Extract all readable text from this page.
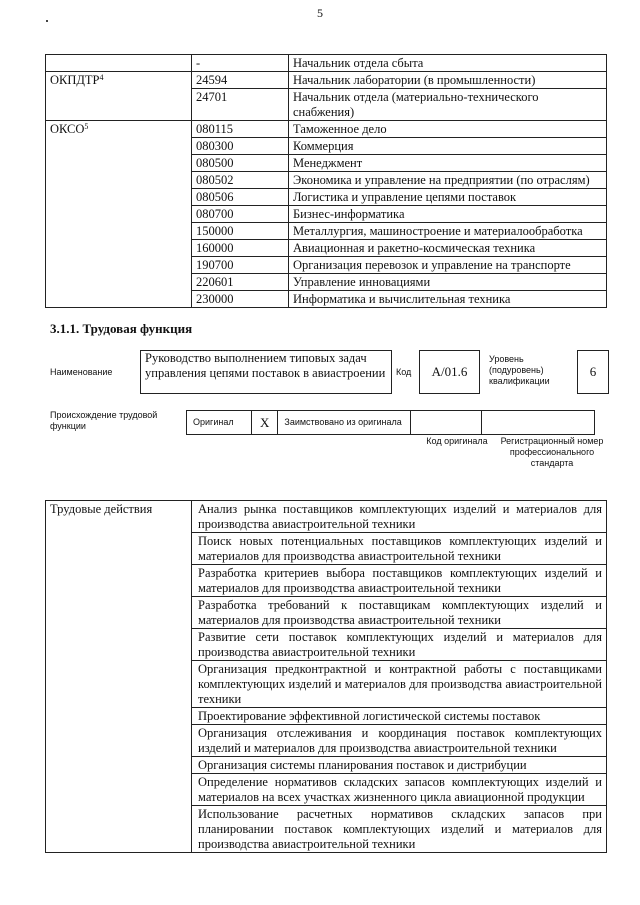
5
	-	Начальник отдела сбыта
ОКПДТР$^4$	24594	Начальник лаборатории (в промышленности)
	24701	Начальник отдела (материально-технического снабжения)
ОКСО$^5$	080115	Таможенное дело
	080300	Коммерция
	080500	Менеджмент
	080502	Экономика и управление на предприятии (по отраслям)
	080506	Логистика и управление цепями поставок
	080700	Бизнес-информатика
	150000	Металлургия, машиностроение и материалообработка
	160000	Авиационная и ракетно-космическая техника
	190700	Организация перевозок и управление на транспорте
	220601	Управление инновациями
	230000	Информатика и вычислительная техника
3.1.1. Трудовая функция
Наименование
Руководство выполнением типовых задач управления цепями поставок в авиастроении	Код	A/01.6
Уровень (подуровень) квалификации
6
Происхождение трудовой функции	Оригинал	X	Заимствовано из оригинала		
Код оригинала	Регистрационный номер профессионального стандарта
Трудовые действия	Анализ рынка поставщиков комплектующих изделий и материалов для производства авиастроительной техники
Поиск новых потенциальных поставщиков комплектующих изделий и материалов для производства авиастроительной техники
Разработка критериев выбора поставщиков комплектующих изделий и материалов для производства авиастроительной техники
Разработка требований к поставщикам комплектующих изделий и материалов для производства авиастроительной техники
Развитие сети поставок комплектующих изделий и материалов для производства авиастроительной техники
Организация предконтрактной и контрактной работы с поставщиками комплектующих изделий и материалов для производства авиастроительной техники
Проектирование эффективной логистической системы поставок
Организация отслеживания и координация поставок комплектующих изделий и материалов для производства авиастроительной техники
Организация системы планирования поставок и дистрибуции
Определение нормативов складских запасов комплектующих изделий и материалов на всех участках жизненного цикла авиационной продукции
Использование расчетных нормативов складских запасов при планировании поставок комплектующих изделий и материалов для производства авиастроительной техники
